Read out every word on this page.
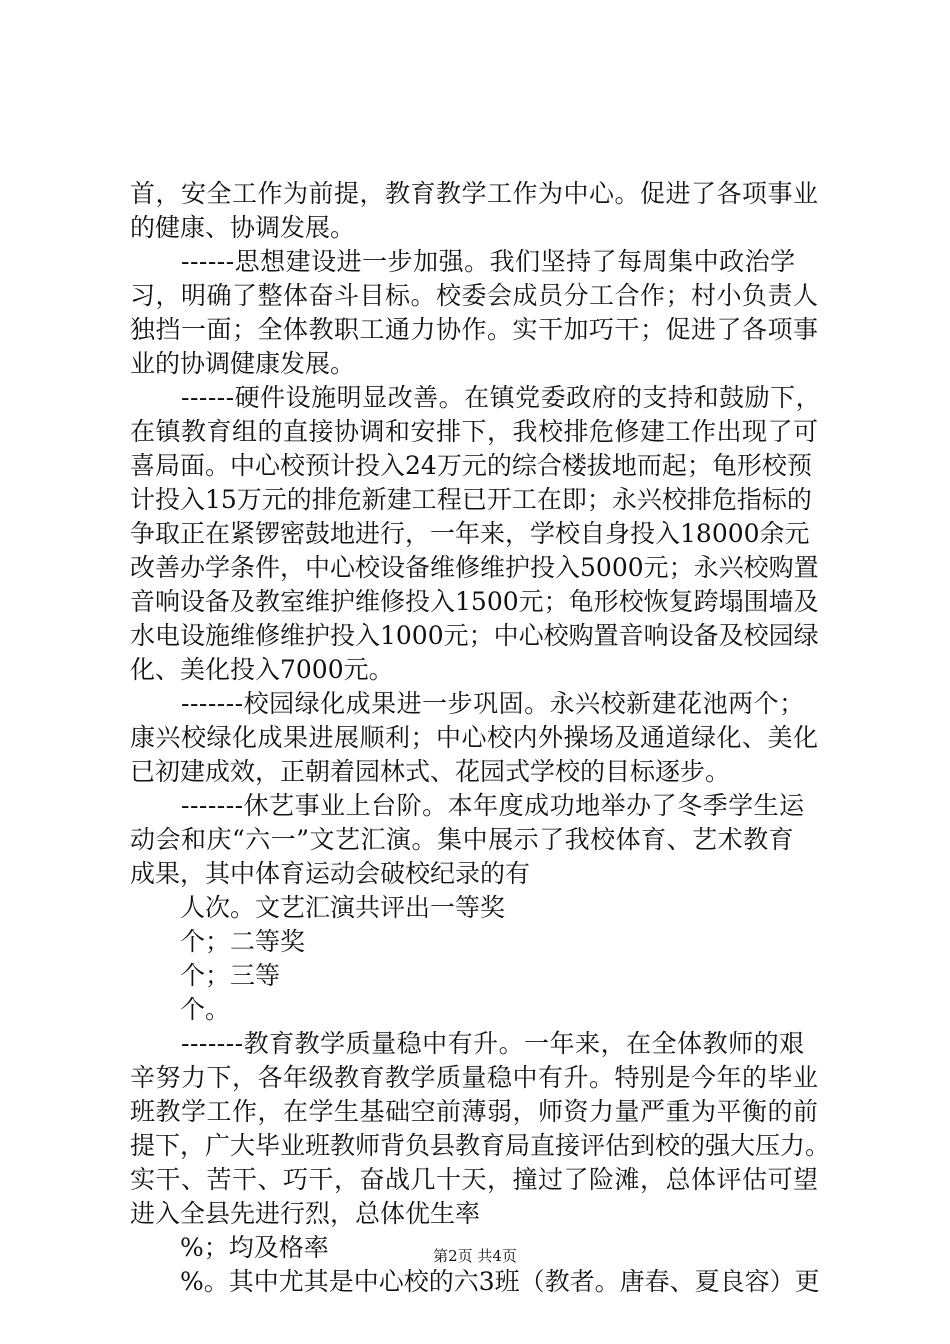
首，安全工作为前提，教育教学工作为中心。促进了各项事业
的健康、协调发展。
　　------思想建设进一步加强。我们坚持了每周集中政治学
习，明确了整体奋斗目标。校委会成员分工合作；村小负责人
独挡一面；全体教职工通力协作。实干加巧干；促进了各项事
业的协调健康发展。
　　------硬件设施明显改善。在镇党委政府的支持和鼓励下，
在镇教育组的直接协调和安排下，我校排危修建工作出现了可
喜局面。中心校预计投入24万元的综合楼拔地而起；龟形校预
计投入15万元的排危新建工程已开工在即；永兴校排危指标的
争取正在紧锣密鼓地进行，一年来，学校自身投入18000余元
改善办学条件，中心校设备维修维护投入5000元；永兴校购置
音响设备及教室维护维修投入1500元；龟形校恢复跨塌围墙及
水电设施维修维护投入1000元；中心校购置音响设备及校园绿
化、美化投入7000元。
　　-------校园绿化成果进一步巩固。永兴校新建花池两个；
康兴校绿化成果进展顺利；中心校内外操场及通道绿化、美化
已初建成效，正朝着园林式、花园式学校的目标逐步。
　　-------休艺事业上台阶。本年度成功地举办了冬季学生运
动会和庆“六一”文艺汇演。集中展示了我校体育、艺术教育
成果，其中体育运动会破校纪录的有
　　人次。文艺汇演共评出一等奖
　　个；二等奖
　　个；三等
　　个。
　　-------教育教学质量稳中有升。一年来，在全体教师的艰
辛努力下，各年级教育教学质量稳中有升。特别是今年的毕业
班教学工作，在学生基础空前薄弱，师资力量严重为平衡的前
提下，广大毕业班教师背负县教育局直接评估到校的强大压力。
实干、苦干、巧干，奋战几十天，撞过了险滩，总体评估可望
进入全县先进行烈，总体优生率
　　%；均及格率
　　%。其中尤其是中心校的六3班（教者。唐春、夏良容）更
第2页 共4页
